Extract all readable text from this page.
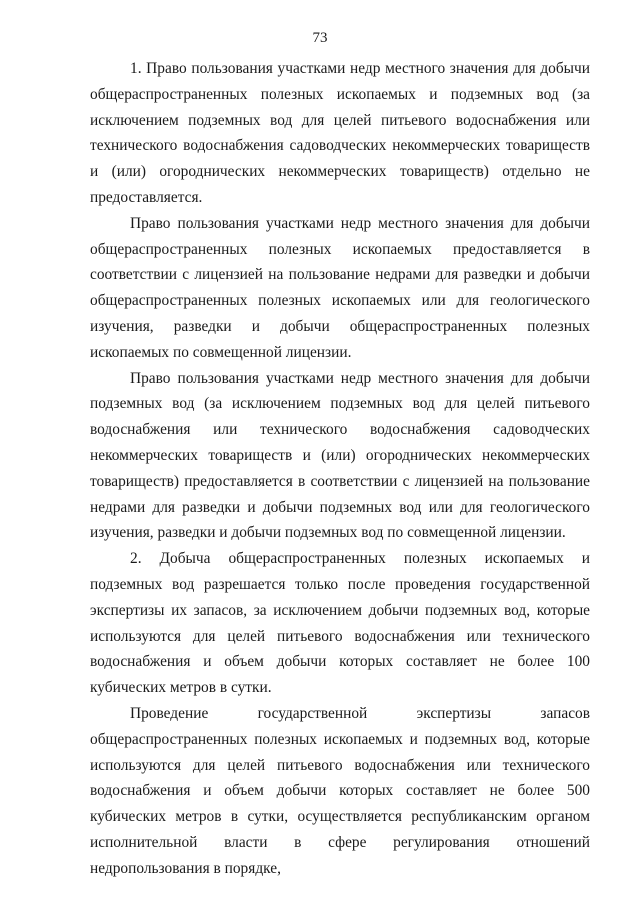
73

1. Право пользования участками недр местного значения для добычи общераспространенных полезных ископаемых и подземных вод (за исключением подземных вод для целей питьевого водоснабжения или технического водоснабжения садоводческих некоммерческих товариществ и (или) огороднических некоммерческих товариществ) отдельно не предоставляется.

Право пользования участками недр местного значения для добычи общераспространенных полезных ископаемых предоставляется в соответствии с лицензией на пользование недрами для разведки и добычи общераспространенных полезных ископаемых или для геологического изучения, разведки и добычи общераспространенных полезных ископаемых по совмещенной лицензии.

Право пользования участками недр местного значения для добычи подземных вод (за исключением подземных вод для целей питьевого водоснабжения или технического водоснабжения садоводческих некоммерческих товариществ и (или) огороднических некоммерческих товариществ) предоставляется в соответствии с лицензией на пользование недрами для разведки и добычи подземных вод или для геологического изучения, разведки и добычи подземных вод по совмещенной лицензии.

2. Добыча общераспространенных полезных ископаемых и подземных вод разрешается только после проведения государственной экспертизы их запасов, за исключением добычи подземных вод, которые используются для целей питьевого водоснабжения или технического водоснабжения и объем добычи которых составляет не более 100 кубических метров в сутки.

Проведение государственной экспертизы запасов общераспространенных полезных ископаемых и подземных вод, которые используются для целей питьевого водоснабжения или технического водоснабжения и объем добычи которых составляет не более 500 кубических метров в сутки, осуществляется республиканским органом исполнительной власти в сфере регулирования отношений недропользования в порядке,
